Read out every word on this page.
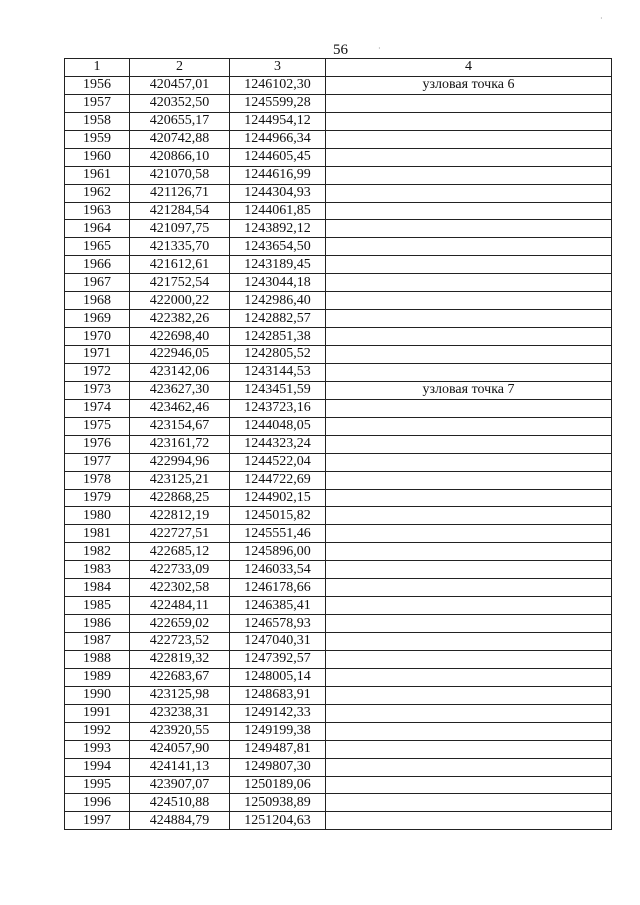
56	·
·
1	2	3	4
1956	420457,01	1246102,30	узловая точка 6
1957	420352,50	1245599,28	
1958	420655,17	1244954,12	
1959	420742,88	1244966,34	
1960	420866,10	1244605,45	
1961	421070,58	1244616,99	
1962	421126,71	1244304,93	
1963	421284,54	1244061,85	
1964	421097,75	1243892,12	
1965	421335,70	1243654,50	
1966	421612,61	1243189,45	
1967	421752,54	1243044,18	
1968	422000,22	1242986,40	
1969	422382,26	1242882,57	
1970	422698,40	1242851,38	
1971	422946,05	1242805,52	
1972	423142,06	1243144,53	
1973	423627,30	1243451,59	узловая точка 7
1974	423462,46	1243723,16	
1975	423154,67	1244048,05	
1976	423161,72	1244323,24	
1977	422994,96	1244522,04	
1978	423125,21	1244722,69	
1979	422868,25	1244902,15	
1980	422812,19	1245015,82	
1981	422727,51	1245551,46	
1982	422685,12	1245896,00	
1983	422733,09	1246033,54	
1984	422302,58	1246178,66	
1985	422484,11	1246385,41	
1986	422659,02	1246578,93	
1987	422723,52	1247040,31	
1988	422819,32	1247392,57	
1989	422683,67	1248005,14	
1990	423125,98	1248683,91	
1991	423238,31	1249142,33	
1992	423920,55	1249199,38	
1993	424057,90	1249487,81	
1994	424141,13	1249807,30	
1995	423907,07	1250189,06	
1996	424510,88	1250938,89	
1997	424884,79	1251204,63	
